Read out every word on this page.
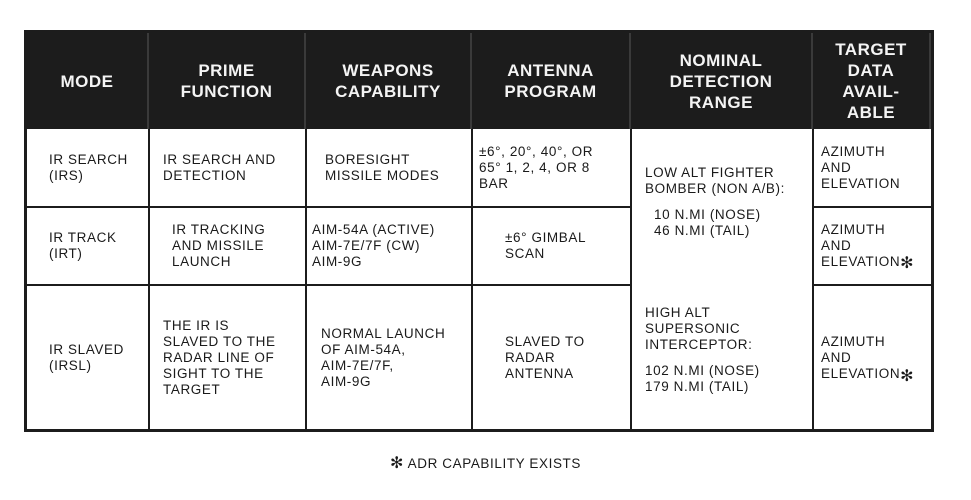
MODE
PRIME
FUNCTION
WEAPONS
CAPABILITY
ANTENNA
PROGRAM
NOMINAL
DETECTION
RANGE
TARGET
DATA
AVAIL-
ABLE
IR SEARCH
(IRS)
IR SEARCH AND
DETECTION
BORESIGHT
MISSILE MODES
±6°, 20°, 40°, OR
65° 1, 2, 4, OR 8
BAR
AZIMUTH
AND
ELEVATION
IR TRACK
(IRT)
IR TRACKING
AND MISSILE
LAUNCH
AIM-54A (ACTIVE)
AIM-7E/7F (CW)
AIM-9G
±6° GIMBAL
SCAN
AZIMUTH
AND
ELEVATION ✻
IR SLAVED
(IRSL)
THE IR IS
SLAVED TO THE
RADAR LINE OF
SIGHT TO THE
TARGET
NORMAL LAUNCH
OF AIM-54A,
AIM-7E/7F,
AIM-9G
SLAVED TO
RADAR
ANTENNA
AZIMUTH
AND
ELEVATION ✻
LOW ALT FIGHTER
BOMBER (NON A/B):
10 N.MI (NOSE)
46 N.MI (TAIL)
HIGH ALT
SUPERSONIC
INTERCEPTOR:
102 N.MI (NOSE)
179 N.MI (TAIL)
✻ ADR CAPABILITY EXISTS
